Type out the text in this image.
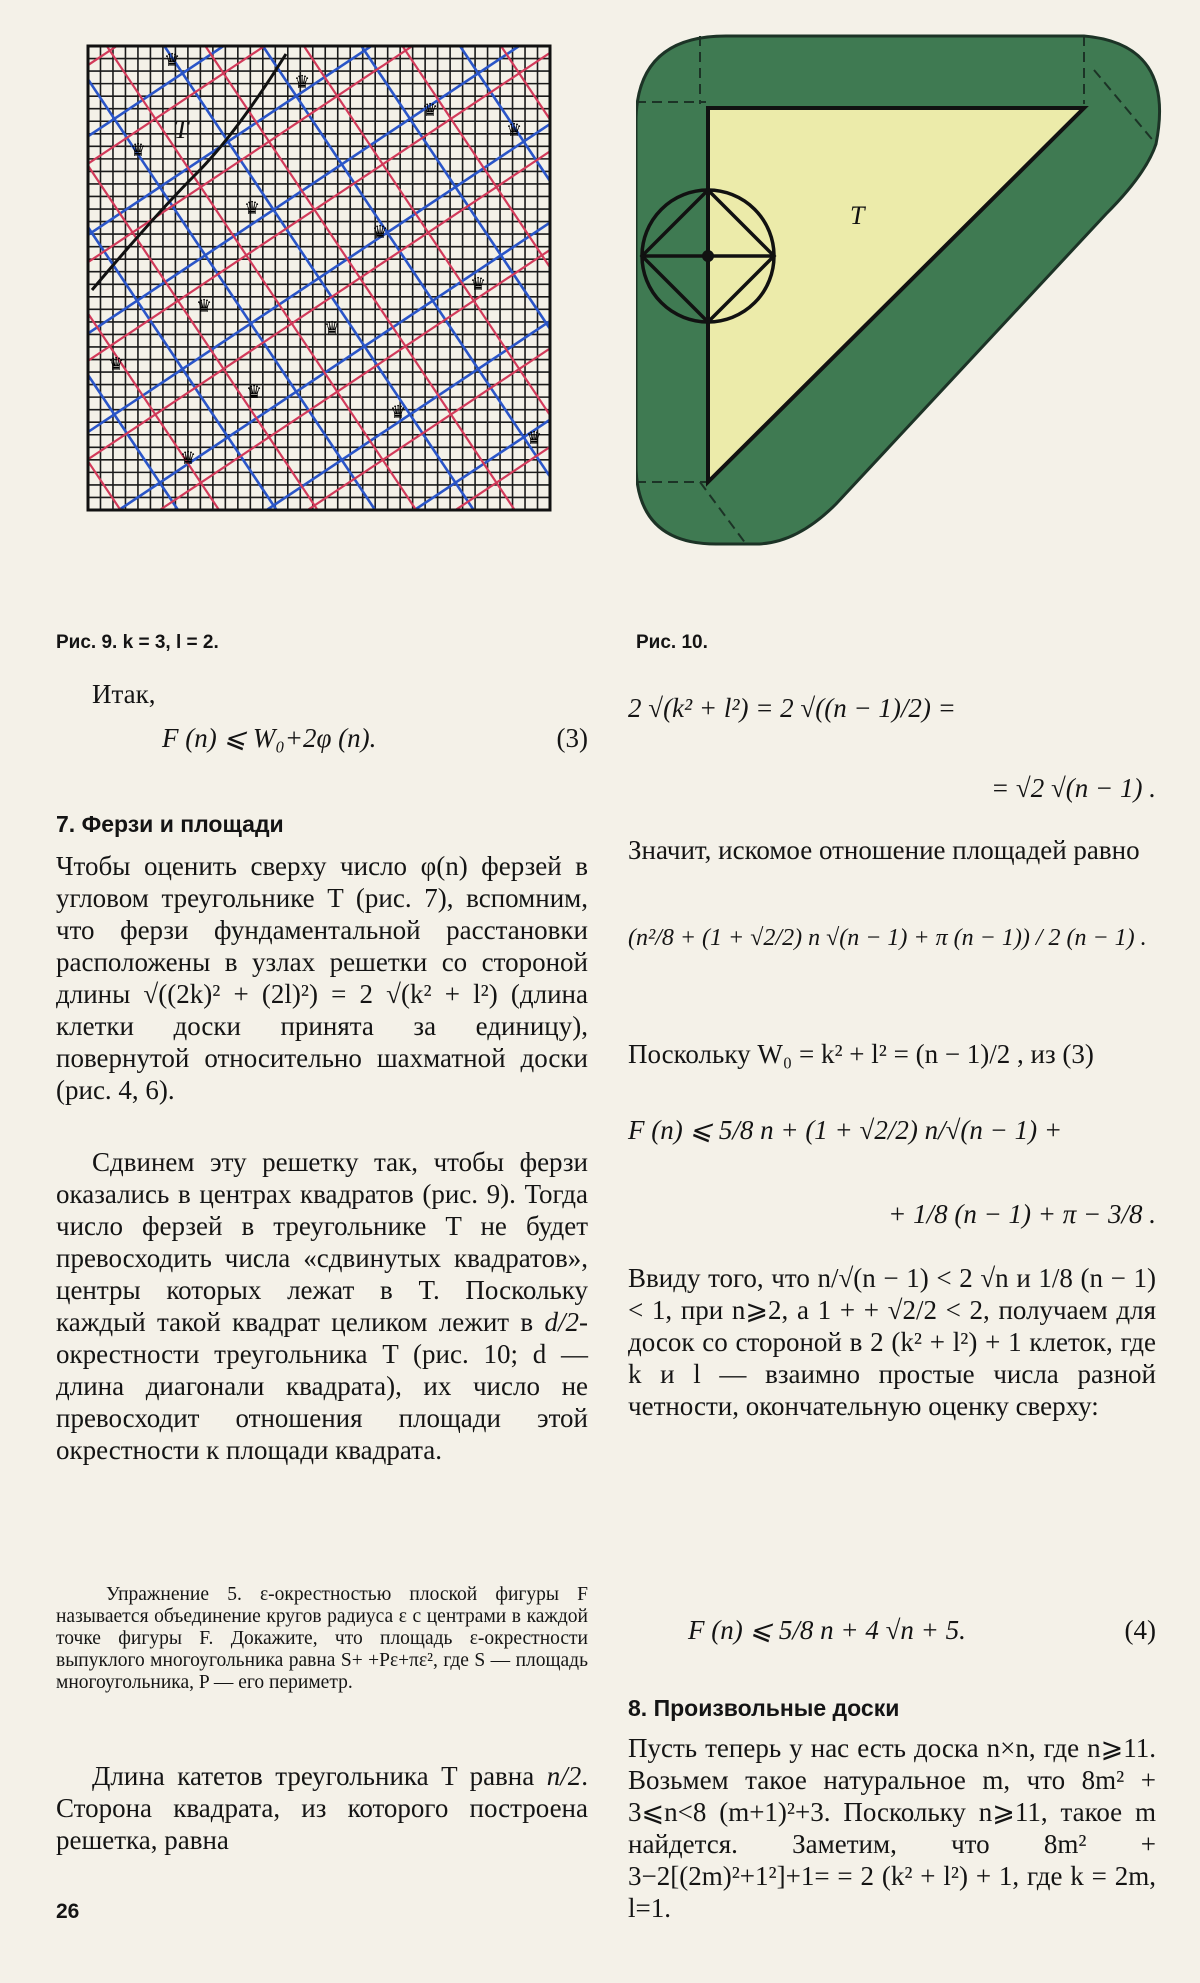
♛
♛
♛
♛
♛
♛
♛
♛
♛
♛
♛
♛
♛
♛
♛
T
Рис. 9. k = 3, l = 2.
T
Рис. 10.
Итак,
F (n) ⩽ W₀+2φ (n).	(3)
7. Ферзи и площади
Чтобы оценить сверху число φ(n) ферзей в угловом треугольнике T (рис. 7), вспомним, что ферзи фундаментальной расстановки расположены в узлах решетки со стороной длины √((2k)² + (2l)²) = 2 √(k² + l²) (длина клетки доски принята за единицу), повернутой относительно шахматной доски (рис. 4, 6).
Сдвинем эту решетку так, чтобы ферзи оказались в центрах квадратов (рис. 9). Тогда число ферзей в треугольнике T не будет превосходить числа «сдвинутых квадратов», центры которых лежат в T. Поскольку каждый такой квадрат целиком лежит в d/2-окрестности треугольника T (рис. 10; d — длина диагонали квадрата), их число не превосходит отношения площади этой окрестности к площади квадрата.
Упражнение 5. ε-окрестностью плоской фигуры F называется объединение кругов радиуса ε с центрами в каждой точке фигуры F. Докажите, что площадь ε-окрестности выпуклого многоугольника равна S+ +Pε+πε², где S — площадь многоугольника, P — его периметр.
Длина катетов треугольника T равна n/2. Сторона квадрата, из которого построена решетка, равна
2 √(k² + l²) = 2 √((n − 1)/2) =
= √2 √(n − 1) .
Значит, искомое отношение площадей равно
(n²/8 + (1 + √2/2) n √(n − 1) + π (n − 1)) / 2 (n − 1) .
Поскольку W₀ = k² + l² = (n − 1)/2 , из (3)
F (n) ⩽ 5/8 n + (1 + √2/2) n/√(n − 1) +
+ 1/8 (n − 1) + π − 3/8 .
Ввиду того, что n/√(n − 1) < 2 √n и 1/8 (n − 1) < 1, при n⩾2, а 1 + + √2/2 < 2, получаем для досок со стороной в 2 (k² + l²) + 1 клеток, где k и l — взаимно простые числа разной четности, окончательную оценку сверху:
F (n) ⩽ 5/8 n + 4 √n + 5.	(4)
8. Произвольные доски
Пусть теперь у нас есть доска n×n, где n⩾11. Возьмем такое натуральное m, что 8m² + 3⩽n<8 (m+1)²+3. Поскольку n⩾11, такое m найдется. Заметим, что 8m² + 3−2[(2m)²+1²]+1= = 2 (k² + l²) + 1, где k = 2m, l=1.
26
